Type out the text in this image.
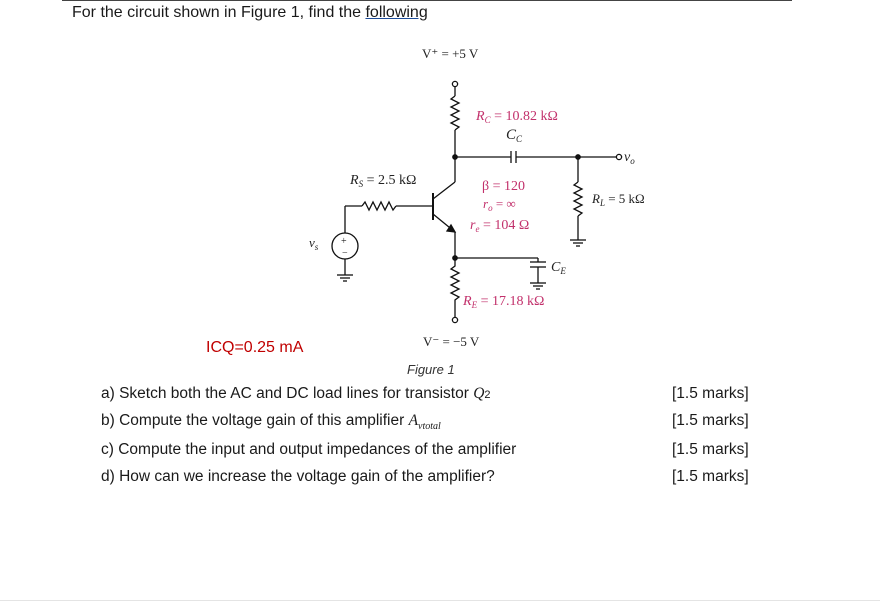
For the circuit shown in Figure 1, find the following
+
−
V⁺ = +5 V
$R_C = 10.82$ kΩ
$C_C$
$R_S = 2.5$ kΩ	β = 120
$r_o$ = ∞
$r_e = 104$ Ω
$R_L = 5$ kΩ
$v_o$
$v_s$
$C_E$
$R_E = 17.18$ kΩ
V⁻ = −5 V
ICQ=0.25 mA
Figure 1
a) Sketch both the AC and DC load lines for transistor Q2	[1.5 marks]
b) Compute the voltage gain of this amplifier $A_{vtotal}$	[1.5 marks]
c) Compute the input and output impedances of the amplifier	[1.5 marks]
d) How can we increase the voltage gain of the amplifier?	[1.5 marks]
